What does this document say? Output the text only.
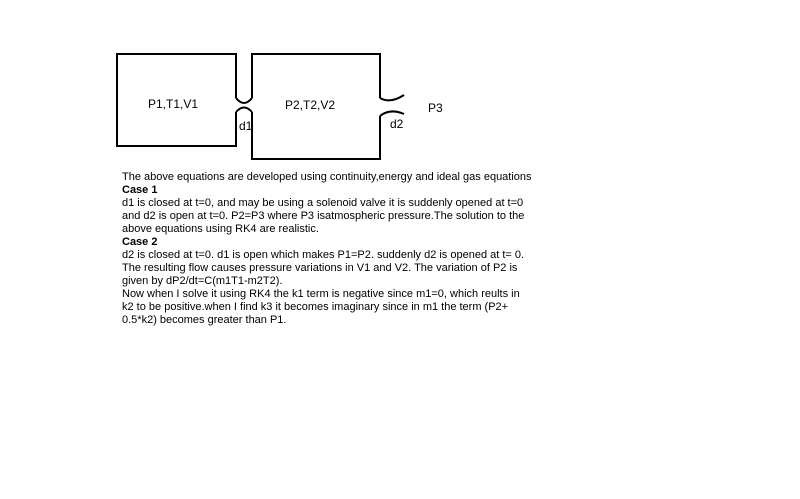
P1,T1,V1	P2,T2,V2
d1	d2
P3

The above equations are developed using continuity,energy and ideal gas equations

Case 1

d1 is closed at t=0, and may be using a solenoid valve it is suddenly opened at t=0 and d2 is open at t=0. P2=P3 where P3 isatmospheric pressure.The solution to the above equations using RK4 are realistic.

Case 2

d2 is closed at t=0. d1 is open which makes P1=P2. suddenly d2 is opened at t= 0. The resulting flow causes pressure variations in V1 and V2. The variation of P2 is given by dP2/dt=C(m1T1-m2T2).

Now when I solve it using RK4 the k1 term is negative since m1=0, which reults in k2 to be positive.when I find k3 it becomes imaginary since in m1 the term (P2+ 0.5*k2) becomes greater than P1.
